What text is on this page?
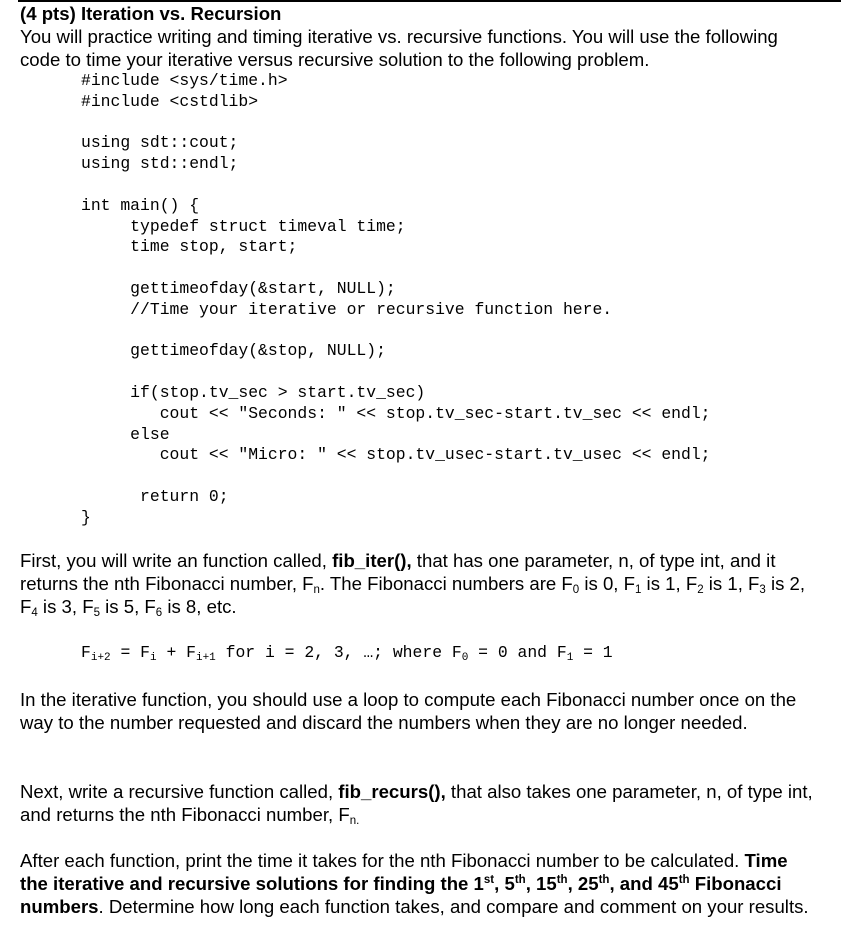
(4 pts) Iteration vs. Recursion
You will practice writing and timing iterative vs. recursive functions. You will use the following code to time your iterative versus recursive solution to the following problem.
#include <sys/time.h>
#include <cstdlib>

using sdt::cout;
using std::endl;

int main() {
typedef struct timeval time;
time stop, start;

gettimeofday(&start, NULL);
//Time your iterative or recursive function here.

gettimeofday(&stop, NULL);

if(stop.tv_sec > start.tv_sec)
cout << "Seconds: " << stop.tv_sec-start.tv_sec << endl;
else
cout << "Micro: " << stop.tv_usec-start.tv_usec << endl;

return 0;
}
First, you will write an function called, fib_iter(), that has one parameter, n, of type int, and it returns the nth Fibonacci number, $F_n$. The Fibonacci numbers are $F_0$ is 0, $F_1$ is 1, $F_2$ is 1, $F_3$ is 2, $F_4$ is 3, $F_5$ is 5, $F_6$ is 8, etc.
$F_{i+2} = F_i + F_{i+1}$ for i = 2, 3, …; where $F_0 = 0$ and $F_1 = 1$
In the iterative function, you should use a loop to compute each Fibonacci number once on the way to the number requested and discard the numbers when they are no longer needed.
Next, write a recursive function called, fib_recurs(), that also takes one parameter, n, of type int, and returns the nth Fibonacci number, $F_{n.}$
After each function, print the time it takes for the nth Fibonacci number to be calculated. Time the iterative and recursive solutions for finding the 1st, 5th, 15th, 25th, and 45th Fibonacci numbers. Determine how long each function takes, and compare and comment on your results.
